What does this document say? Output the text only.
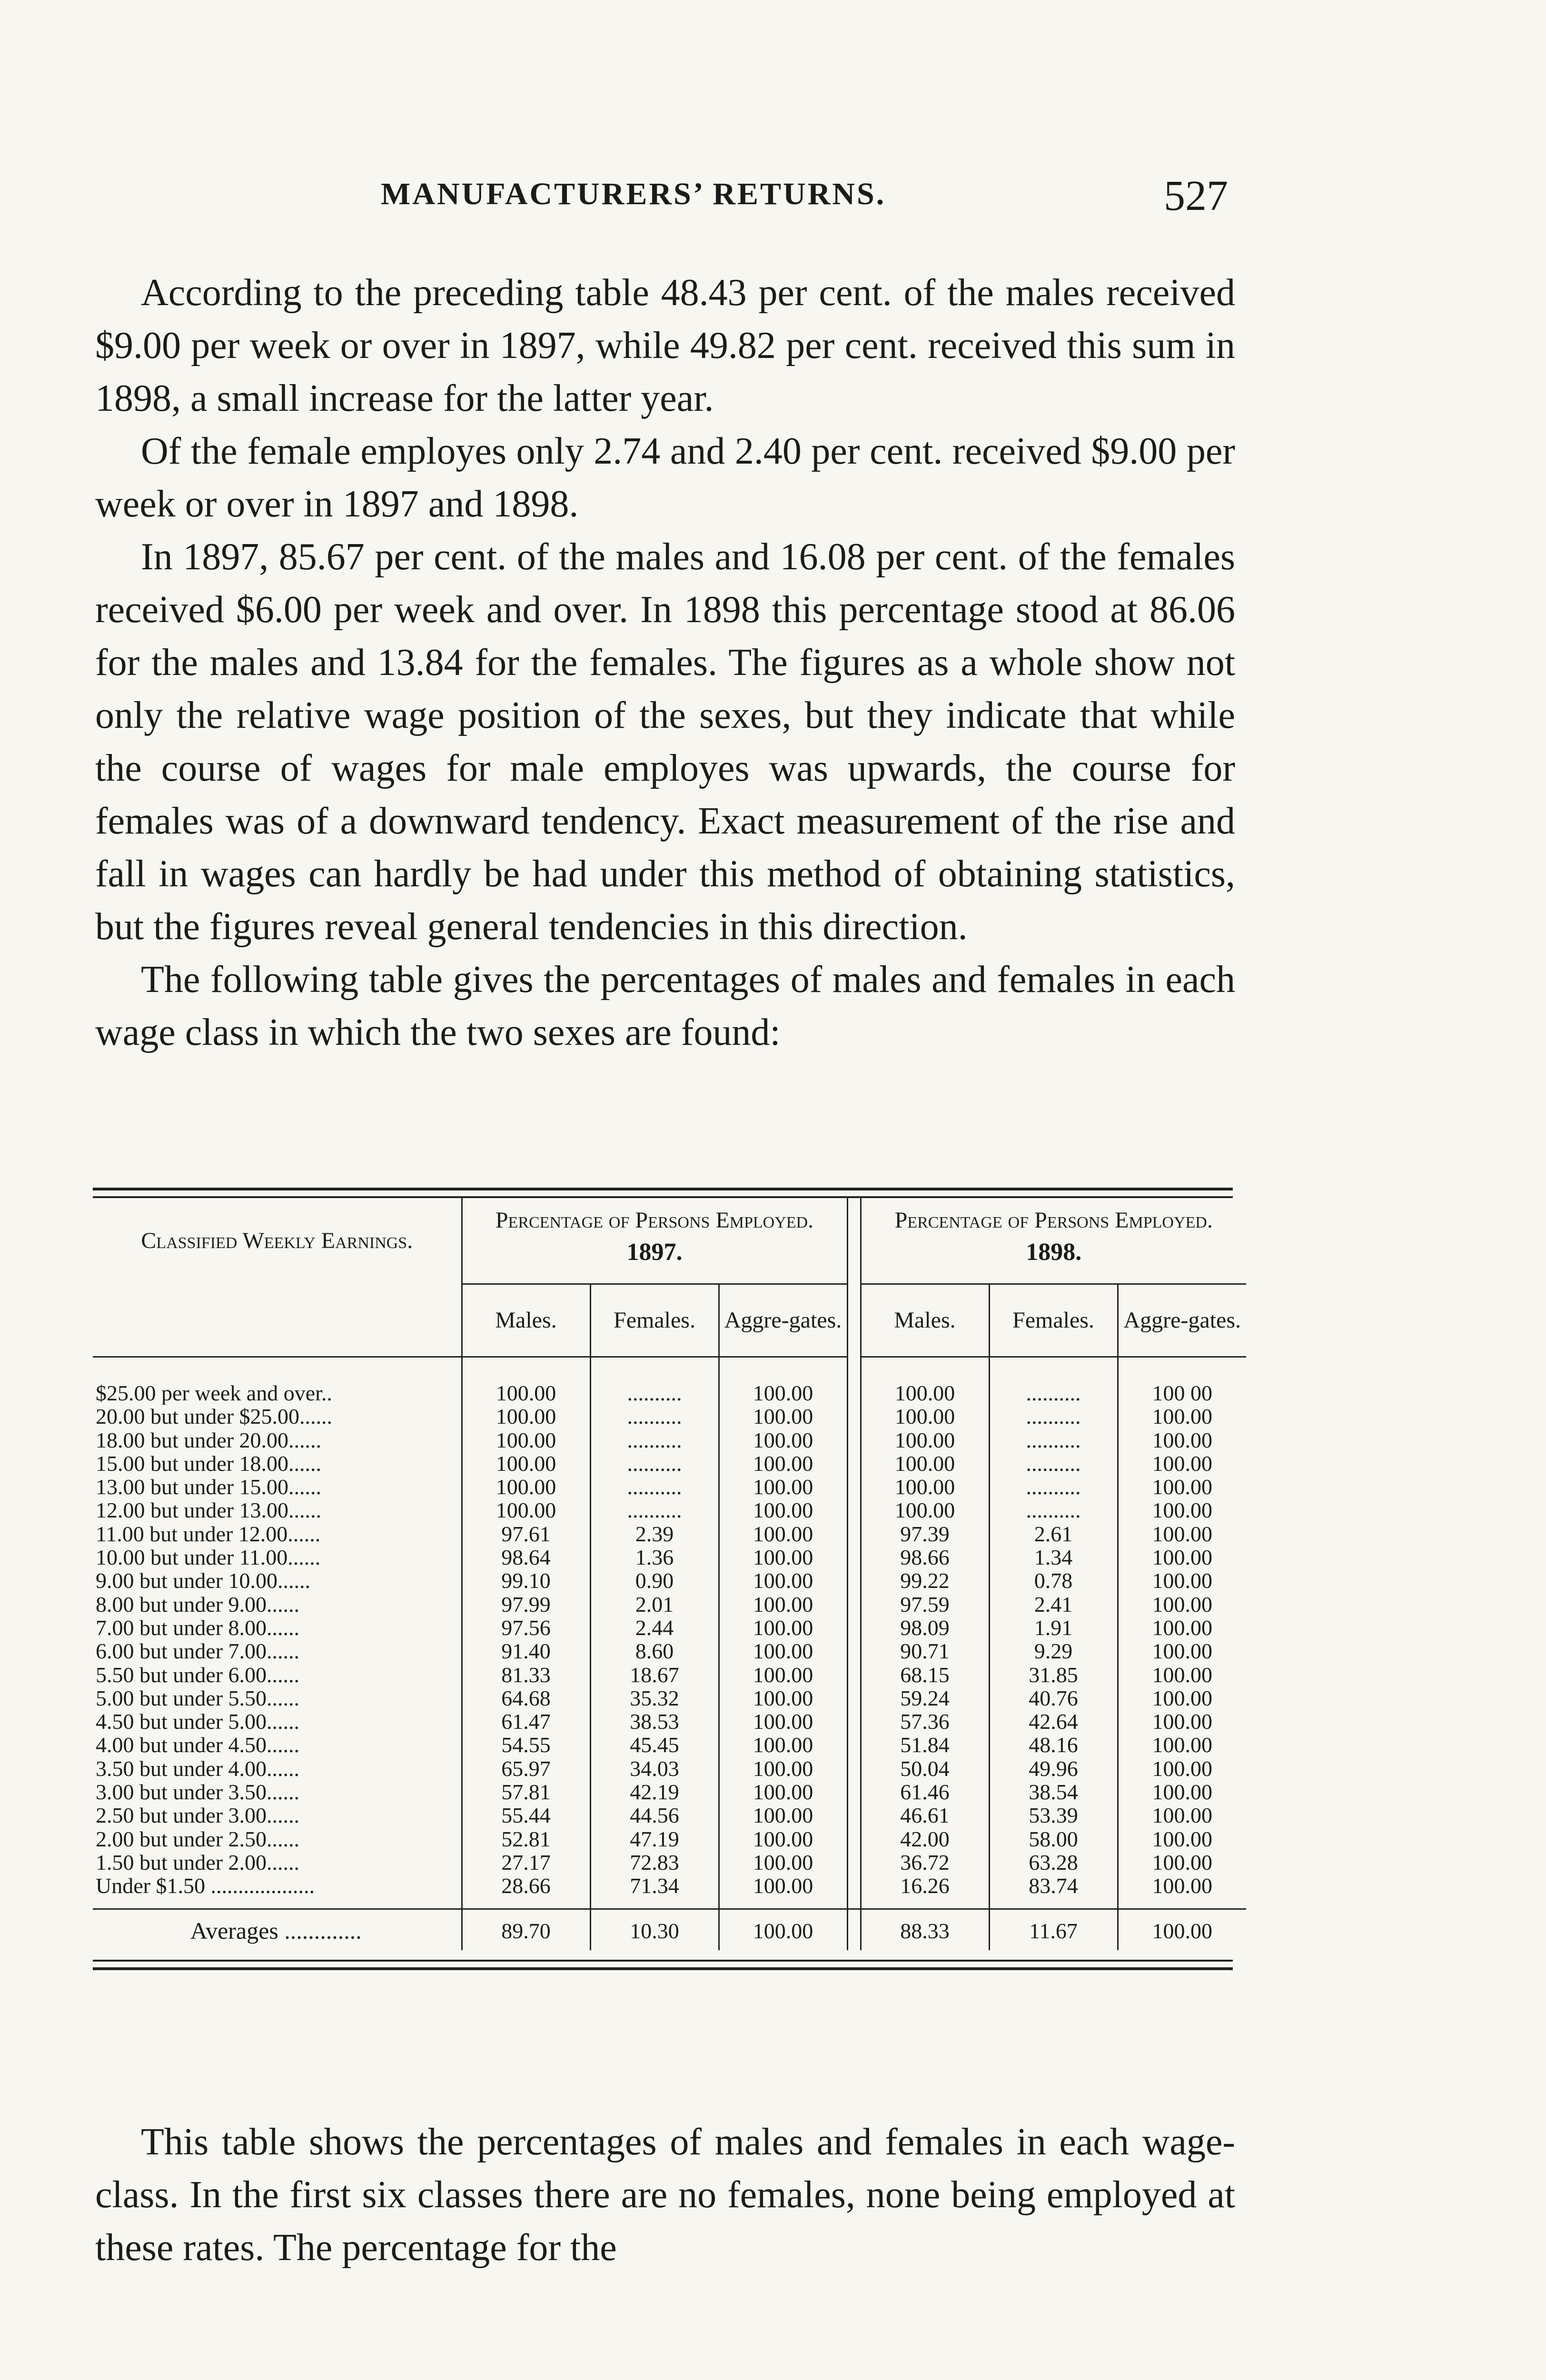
MANUFACTURERS’ RETURNS.	527

According to the preceding table 48.43 per cent. of the males received $9.00 per week or over in 1897, while 49.82 per cent. received this sum in 1898, a small increase for the latter year.

Of the female employes only 2.74 and 2.40 per cent. received $9.00 per week or over in 1897 and 1898.

In 1897, 85.67 per cent. of the males and 16.08 per cent. of the females received $6.00 per week and over. In 1898 this percentage stood at 86.06 for the males and 13.84 for the females. The figures as a whole show not only the relative wage position of the sexes, but they indicate that while the course of wages for male employes was upwards, the course for females was of a downward tendency. Exact measurement of the rise and fall in wages can hardly be had under this method of obtaining statistics, but the figures reveal general tendencies in this direction.

The following table gives the percentages of males and females in each wage class in which the two sexes are found:

Classified Weekly Earnings.	Percentage of Persons Employed.				Percentage of Persons Employed.		
	1897.				1898.		
	Males.	Females.	Aggre-gates.		Males.	Females.	Aggre-gates.
$25.00 per week and over..	100.00	..........	100.00		100.00	..........	100 00
20.00 but under $25.00......	100.00	..........	100.00		100.00	..........	100.00
18.00 but under 20.00......	100.00	..........	100.00		100.00	..........	100.00
15.00 but under 18.00......	100.00	..........	100.00		100.00	..........	100.00
13.00 but under 15.00......	100.00	..........	100.00		100.00	..........	100.00
12.00 but under 13.00......	100.00	..........	100.00		100.00	..........	100.00
11.00 but under 12.00......	97.61	2.39	100.00		97.39	2.61	100.00
10.00 but under 11.00......	98.64	1.36	100.00		98.66	1.34	100.00
9.00 but under 10.00......	99.10	0.90	100.00		99.22	0.78	100.00
8.00 but under 9.00......	97.99	2.01	100.00		97.59	2.41	100.00
7.00 but under 8.00......	97.56	2.44	100.00		98.09	1.91	100.00
6.00 but under 7.00......	91.40	8.60	100.00		90.71	9.29	100.00
5.50 but under 6.00......	81.33	18.67	100.00		68.15	31.85	100.00
5.00 but under 5.50......	64.68	35.32	100.00		59.24	40.76	100.00
4.50 but under 5.00......	61.47	38.53	100.00		57.36	42.64	100.00
4.00 but under 4.50......	54.55	45.45	100.00		51.84	48.16	100.00
3.50 but under 4.00......	65.97	34.03	100.00		50.04	49.96	100.00
3.00 but under 3.50......	57.81	42.19	100.00		61.46	38.54	100.00
2.50 but under 3.00......	55.44	44.56	100.00		46.61	53.39	100.00
2.00 but under 2.50......	52.81	47.19	100.00		42.00	58.00	100.00
1.50 but under 2.00......	27.17	72.83	100.00		36.72	63.28	100.00
Under $1.50 ...................	28.66	71.34	100.00		16.26	83.74	100.00
Averages .............	89.70	10.30	100.00		88.33	11.67	100.00

This table shows the percentages of males and females in each wage-class. In the first six classes there are no females, none being employed at these rates. The percentage for the
